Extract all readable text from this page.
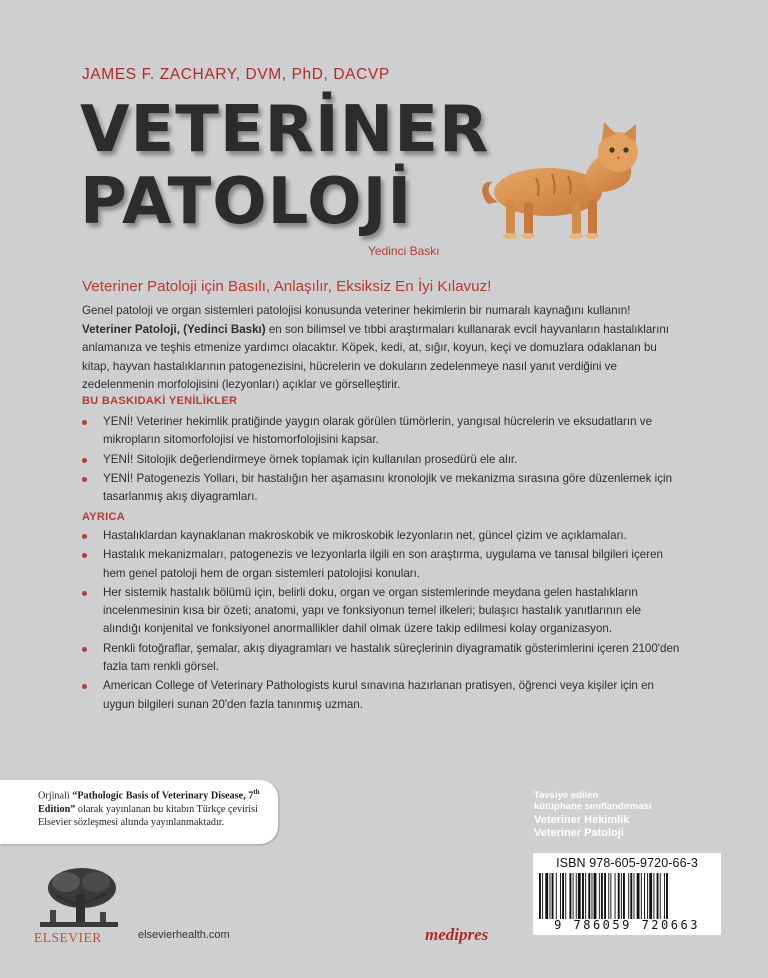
JAMES F. ZACHARY, DVM, PhD, DACVP
VETERİNER
PATOLOJİ
Yedinci Baskı
Veteriner Patoloji için Basılı, Anlaşılır, Eksiksiz En İyi Kılavuz!
Genel patoloji ve organ sistemleri patolojisi konusunda veteriner hekimlerin bir numaralı kaynağını kullanın!
Veteriner Patoloji, (Yedinci Baskı) en son bilimsel ve tıbbi araştırmaları kullanarak evcil hayvanların hastalıklarını anlamanıza ve teşhis etmenize yardımcı olacaktır. Köpek, kedi, at, sığır, koyun, keçi ve domuzlara odaklanan bu kitap, hayvan hastalıklarının patogenezisini, hücrelerin ve dokuların zedelenmeye nasıl yanıt verdiğini ve zedelenmenin morfolojisini (lezyonları) açıklar ve görselleştirir.
BU BASKIDAKİ YENİLİKLER
YENİ! Veteriner hekimlik pratiğinde yaygın olarak görülen tümörlerin, yangısal hücrelerin ve eksudatların ve mikropların sitomorfolojisi ve histomorfolojisini kapsar.
YENİ! Sitolojik değerlendirmeye örnek toplamak için kullanılan prosedürü ele alır.
YENİ! Patogenezis Yolları, bir hastalığın her aşamasını kronolojik ve mekanizma sırasına göre düzenlemek için tasarlanmış akış diyagramları.
AYRICA
Hastalıklardan kaynaklanan makroskobik ve mikroskobik lezyonların net, güncel çizim ve açıklamaları.
Hastalık mekanizmaları, patogenezis ve lezyonlarla ilgili en son araştırma, uygulama ve tanısal bilgileri içeren hem genel patoloji hem de organ sistemleri patolojisi konuları.
Her sistemik hastalık bölümü için, belirli doku, organ ve organ sistemlerinde meydana gelen hastalıkların incelenmesinin kısa bir özeti; anatomi, yapı ve fonksiyonun temel ilkeleri; bulaşıcı hastalık yanıtlarının ele alındığı konjenital ve fonksiyonel anormallikler dahil olmak üzere takip edilmesi kolay organizasyon.
Renkli fotoğraflar, şemalar, akış diyagramları ve hastalık süreçlerinin diyagramatik gösterimlerini içeren 2100'den fazla tam renkli görsel.
American College of Veterinary Pathologists kurul sınavına hazırlanan pratisyen, öğrenci veya kişiler için en uygun bilgileri sunan 20'den fazla tanınmış uzman.

Orjinali “Pathologic Basis of Veterinary Disease, 7th Edition” olarak yayınlanan bu kitabın Türkçe çevirisi Elsevier sözleşmesi altında yayınlanmaktadır.

Tavsiye edilen
kütüphane sınıflandırması
Veteriner Hekimlik
Veteriner Patoloji
ISBN 978-605-9720-66-3
9 786059 720663
ELSEVIER	elsevierhealth.com	medipres
